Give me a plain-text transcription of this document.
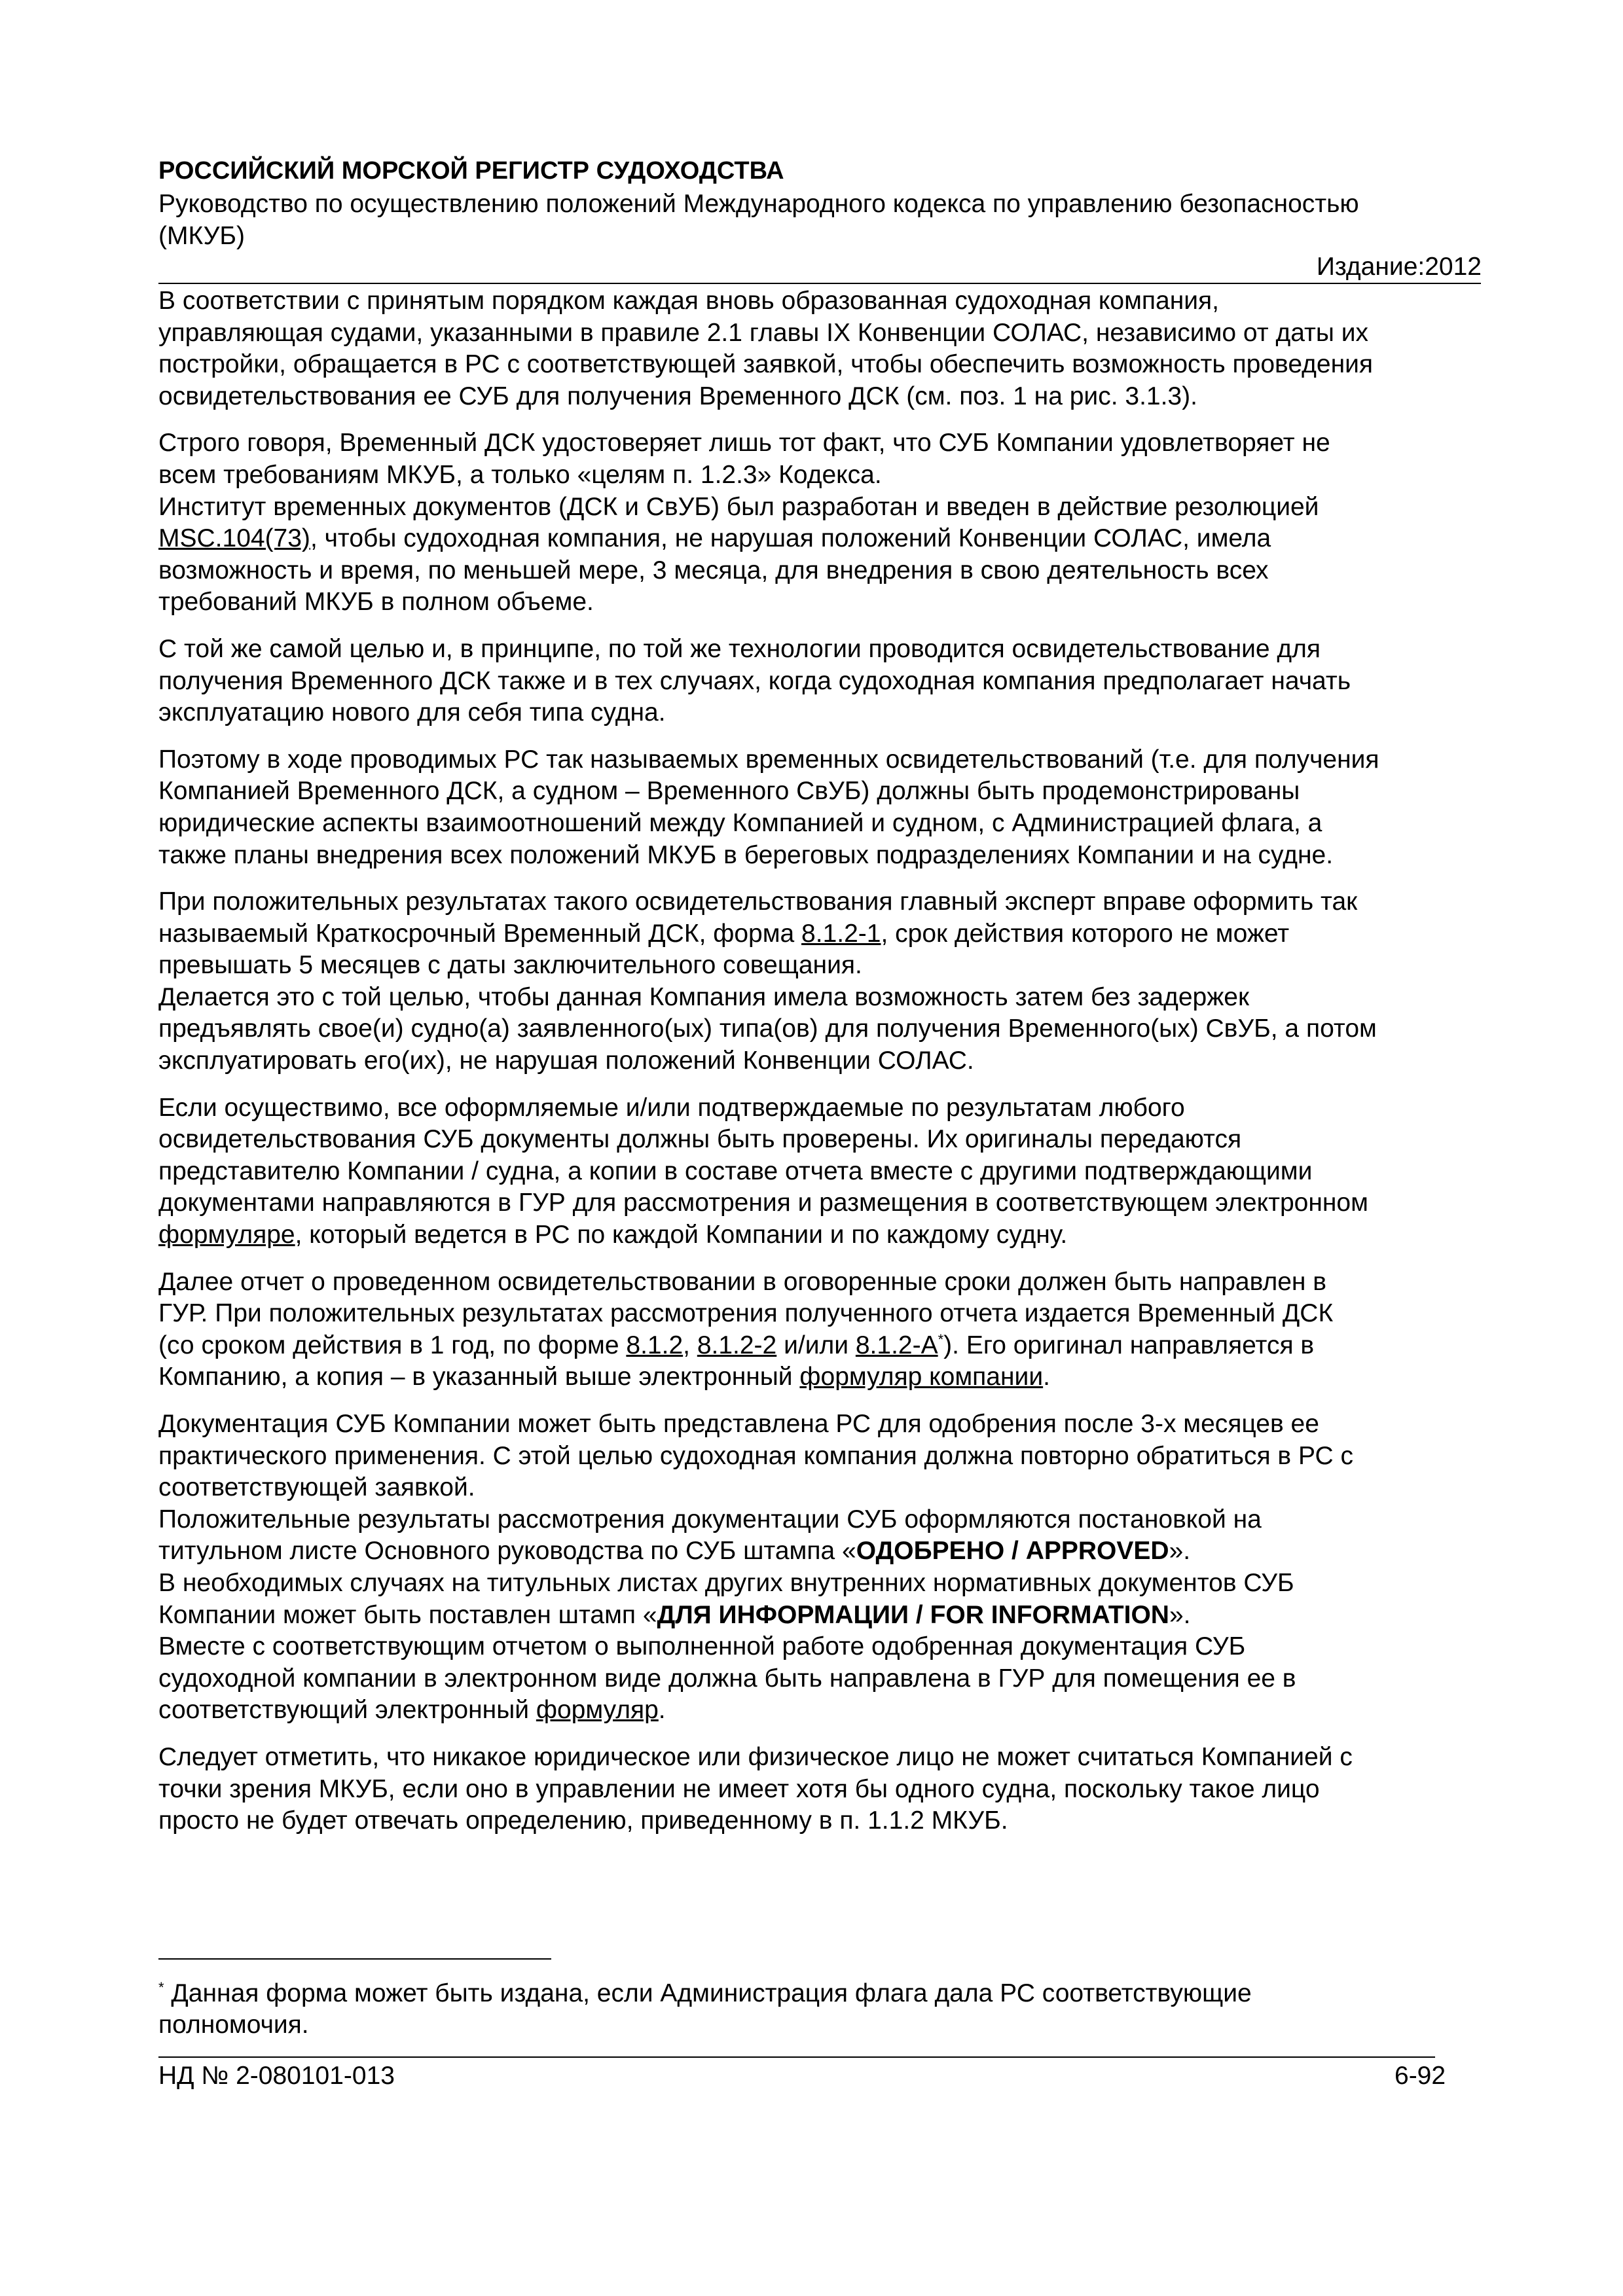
РОССИЙСКИЙ МОРСКОЙ РЕГИСТР СУДОХОДСТВА
Руководство по осуществлению положений Международного кодекса по управлению безопасностью
(МКУБ)
Издание:2012

В соответствии с принятым порядком каждая вновь образованная судоходная компания,
управляющая судами, указанными в правиле 2.1 главы IX Конвенции СОЛАС, независимо от даты их
постройки, обращается в РС с соответствующей заявкой, чтобы обеспечить возможность проведения
освидетельствования ее СУБ для получения Временного ДСК (см. поз. 1 на рис. 3.1.3).

Строго говоря, Временный ДСК удостоверяет лишь тот факт, что СУБ Компании удовлетворяет не
всем требованиям МКУБ, а только «целям п. 1.2.3» Кодекса.
Институт временных документов (ДСК и СвУБ) был разработан и введен в действие резолюцией
MSC.104(73), чтобы судоходная компания, не нарушая положений Конвенции СОЛАС, имела
возможность и время, по меньшей мере, 3 месяца, для внедрения в свою деятельность всех
требований МКУБ в полном объеме.

С той же самой целью и, в принципе, по той же технологии проводится освидетельствование для
получения Временного ДСК также и в тех случаях, когда судоходная компания предполагает начать
эксплуатацию нового для себя типа судна.

Поэтому в ходе проводимых РС так называемых временных освидетельствований (т.е. для получения
Компанией Временного ДСК, а судном – Временного СвУБ) должны быть продемонстрированы
юридические аспекты взаимоотношений между Компанией и судном, с Администрацией флага, а
также планы внедрения всех положений МКУБ в береговых подразделениях Компании и на судне.

При положительных результатах такого освидетельствования главный эксперт вправе оформить так
называемый Краткосрочный Временный ДСК, форма 8.1.2-1, срок действия которого не может
превышать 5 месяцев с даты заключительного совещания.
Делается это с той целью, чтобы данная Компания имела возможность затем без задержек
предъявлять свое(и) судно(а) заявленного(ых) типа(ов) для получения Временного(ых) СвУБ, а потом
эксплуатировать его(их), не нарушая положений Конвенции СОЛАС.

Если осуществимо, все оформляемые и/или подтверждаемые по результатам любого
освидетельствования СУБ документы должны быть проверены. Их оригиналы передаются
представителю Компании / судна, а копии в составе отчета вместе с другими подтверждающими
документами направляются в ГУР для рассмотрения и размещения в соответствующем электронном
формуляре, который ведется в РС по каждой Компании и по каждому судну.

Далее отчет о проведенном освидетельствовании в оговоренные сроки должен быть направлен в
ГУР. При положительных результатах рассмотрения полученного отчета издается Временный ДСК
(со сроком действия в 1 год, по форме 8.1.2, 8.1.2-2 и/или 8.1.2-А*). Его оригинал направляется в
Компанию, а копия – в указанный выше электронный формуляр компании.

Документация СУБ Компании может быть представлена РС для одобрения после 3-х месяцев ее
практического применения. С этой целью судоходная компания должна повторно обратиться в РС с
соответствующей заявкой.
Положительные результаты рассмотрения документации СУБ оформляются постановкой на
титульном листе Основного руководства по СУБ штампа «ОДОБРЕНО / APPROVED».
В необходимых случаях на титульных листах других внутренних нормативных документов СУБ
Компании может быть поставлен штамп «ДЛЯ ИНФОРМАЦИИ / FOR INFORMATION».
Вместе с соответствующим отчетом о выполненной работе одобренная документация СУБ
судоходной компании в электронном виде должна быть направлена в ГУР для помещения ее в
соответствующий электронный формуляр.

Следует отметить, что никакое юридическое или физическое лицо не может считаться Компанией с
точки зрения МКУБ, если оно в управлении не имеет хотя бы одного судна, поскольку такое лицо
просто не будет отвечать определению, приведенному в п. 1.1.2 МКУБ.

* Данная форма может быть издана, если Администрация флага дала РС соответствующие
полномочия.
НД № 2-080101-013	6-92
